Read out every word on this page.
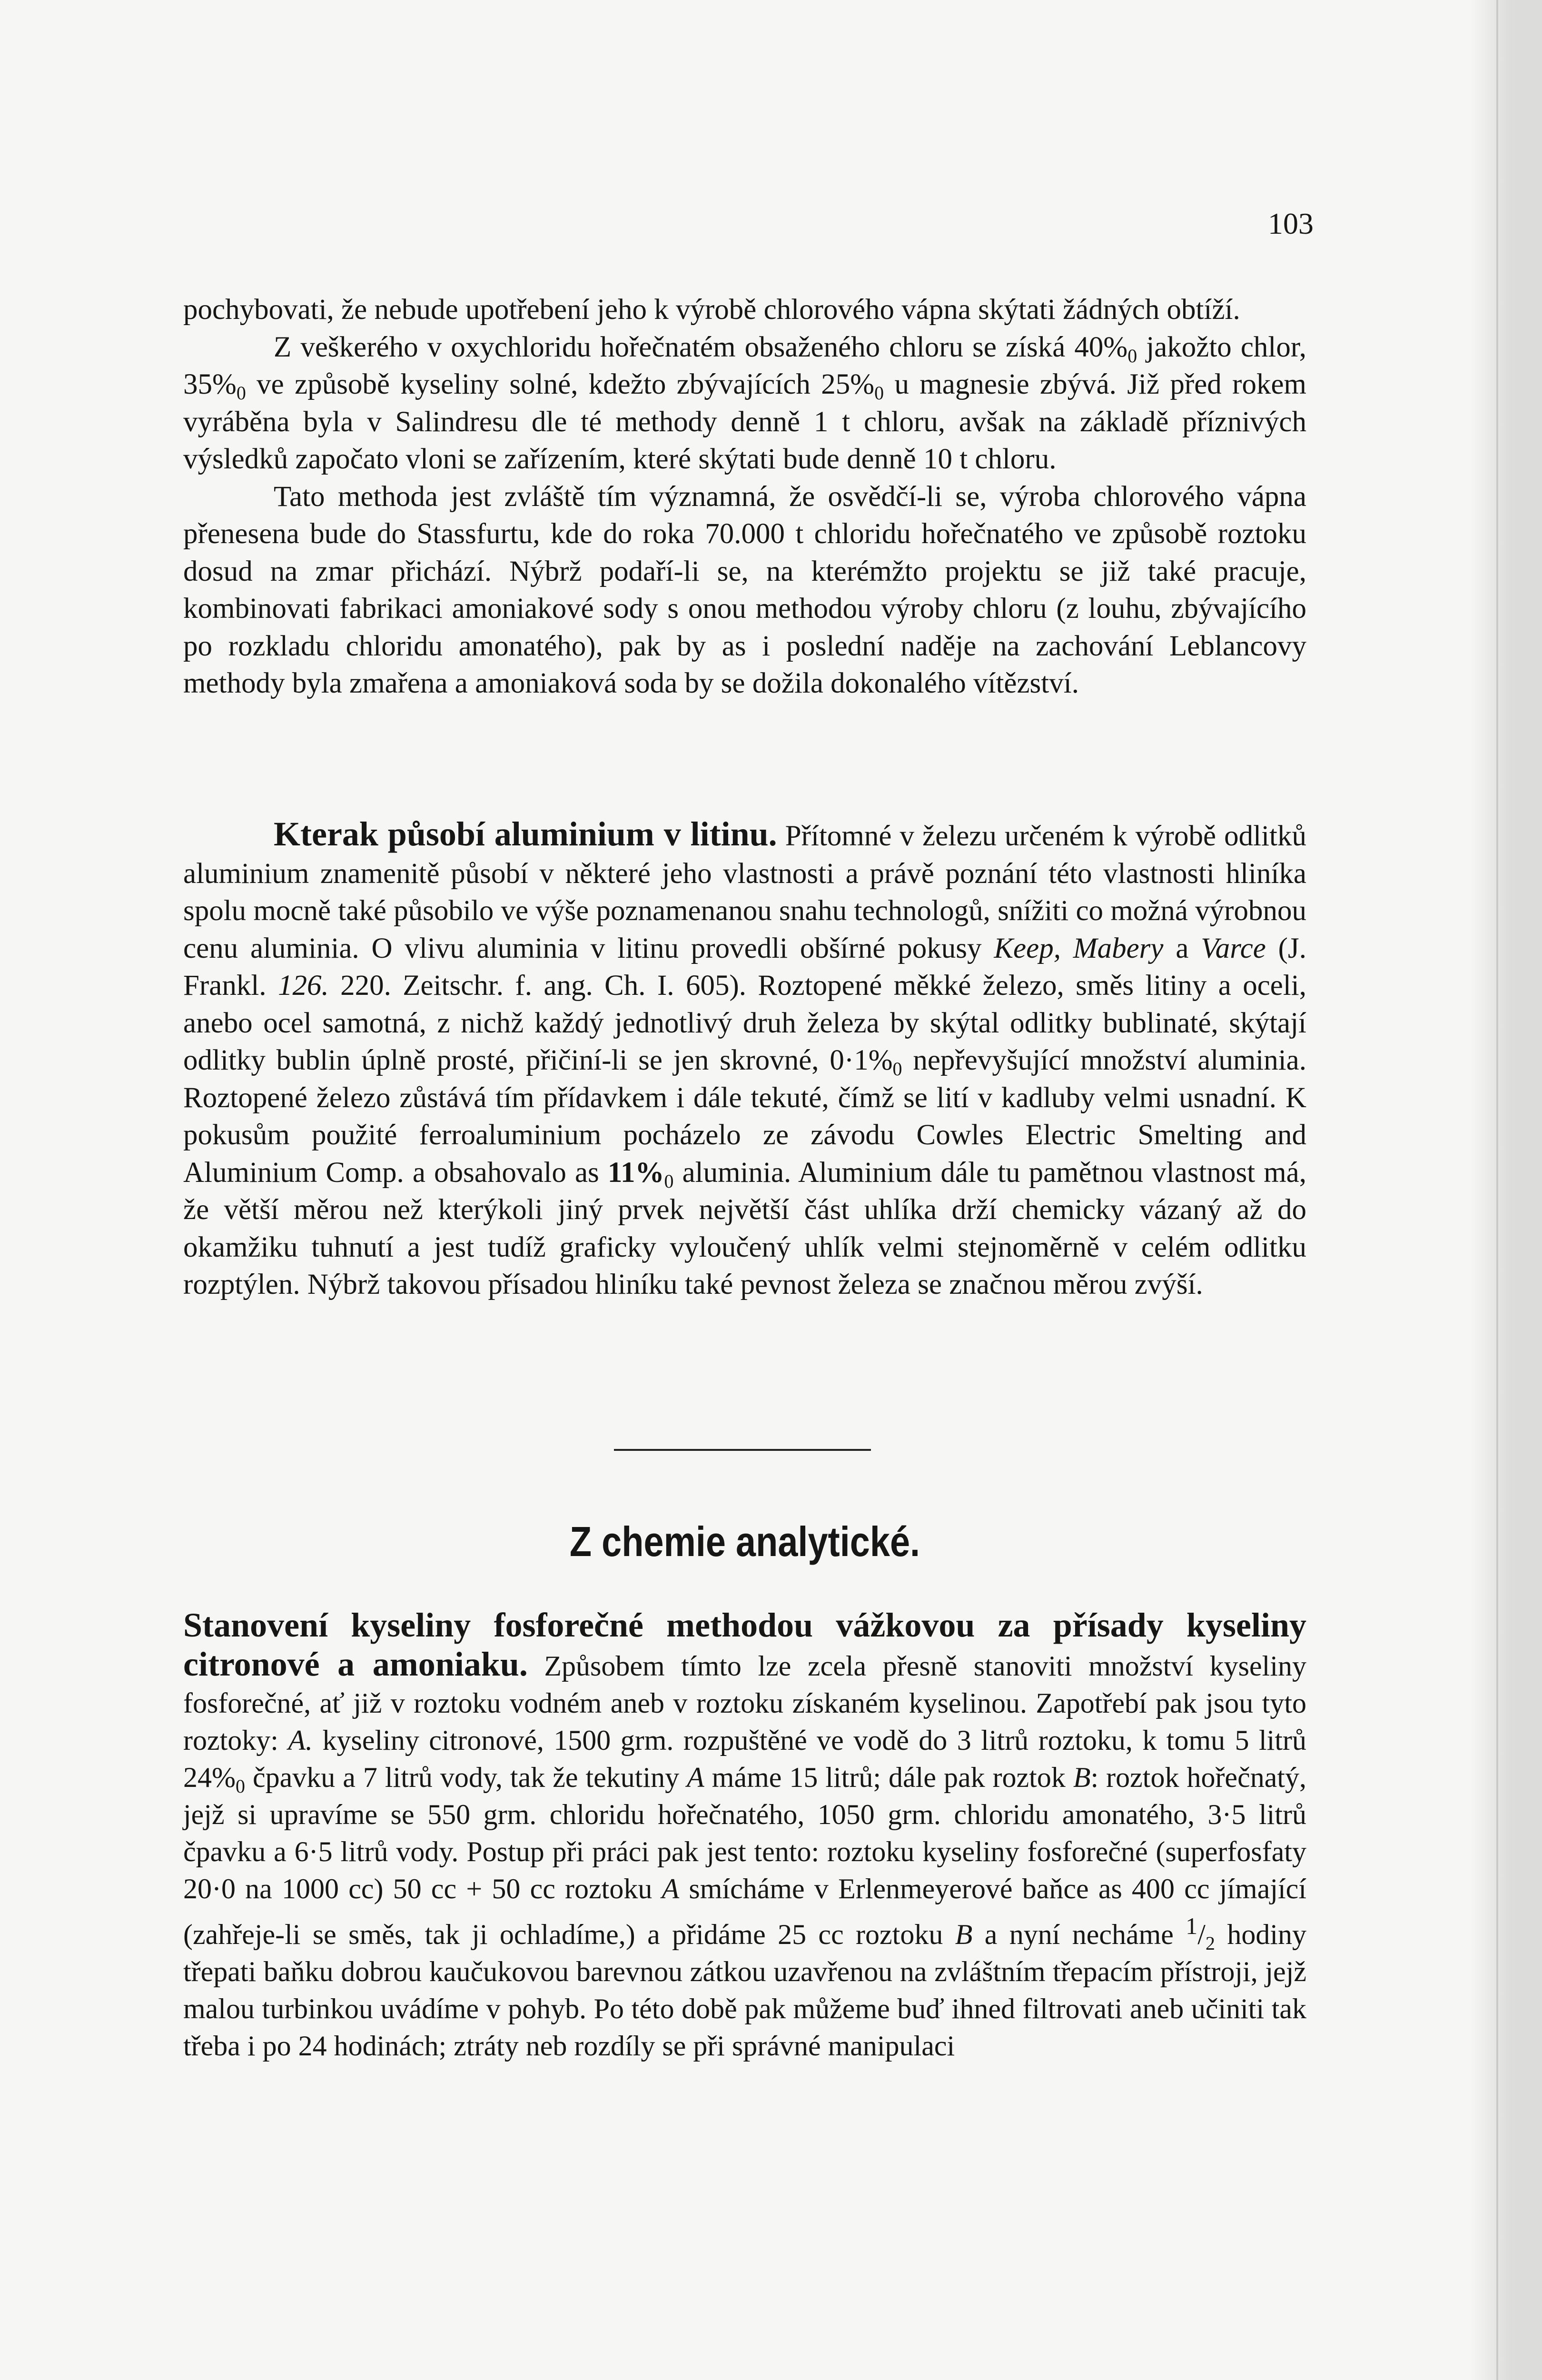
103

pochybovati, že nebude upotřebení jeho k výrobě chlorového vápna skýtati žádných obtíží.

Z veškerého v oxychloridu hořečnatém obsaženého chloru se získá 40%0 jakožto chlor, 35%0 ve způsobě kyseliny solné, kdežto zbývajících 25%0 u magnesie zbývá. Již před rokem vyráběna byla v Salindresu dle té methody denně 1 t chloru, avšak na základě příznivých výsledků započato vloni se zařízením, které skýtati bude denně 10 t chloru.

Tato methoda jest zvláště tím významná, že osvědčí-li se, výroba chlorového vápna přenesena bude do Stassfurtu, kde do roka 70.000 t chloridu hořečnatého ve způsobě roztoku dosud na zmar přichází. Nýbrž podaří-li se, na kterémžto projektu se již také pracuje, kombinovati fabrikaci amoniakové sody s onou methodou výroby chloru (z louhu, zbývajícího po rozkladu chloridu amonatého), pak by as i poslední naděje na zachování Leblancovy methody byla zmařena a amoniaková soda by se dožila dokonalého vítězství.

Kterak působí aluminium v litinu. Přítomné v železu určeném k výrobě odlitků aluminium znamenitě působí v některé jeho vlastnosti a právě poznání této vlastnosti hliníka spolu mocně také působilo ve výše poznamenanou snahu technologů, snížiti co možná výrobnou cenu aluminia. O vlivu aluminia v litinu provedli obšírné pokusy Keep, Mabery a Varce (J. Frankl. 126. 220. Zeitschr. f. ang. Ch. I. 605). Roztopené měkké železo, směs litiny a oceli, anebo ocel samotná, z nichž každý jednotlivý druh železa by skýtal odlitky bublinaté, skýtají odlitky bublin úplně prosté, přičiní-li se jen skrovné, 0·1%0 nepřevyšující množství aluminia. Roztopené železo zůstává tím přídavkem i dále tekuté, čímž se lití v kadluby velmi usnadní. K pokusům použité ferroaluminium pocházelo ze závodu Cowles Electric Smelting and Aluminium Comp. a obsahovalo as 11%0 aluminia. Aluminium dále tu pamětnou vlastnost má, že větší měrou než kterýkoli jiný prvek největší část uhlíka drží chemicky vázaný až do okamžiku tuhnutí a jest tudíž graficky vyloučený uhlík velmi stejnoměrně v celém odlitku rozptýlen. Nýbrž takovou přísadou hliníku také pevnost železa se značnou měrou zvýší.

Z chemie analytické.

Stanovení kyseliny fosforečné methodou vážkovou za přísady kyseliny citronové a amoniaku. Způsobem tímto lze zcela přesně stanoviti množství kyseliny fosforečné, ať již v roztoku vodném aneb v roztoku získaném kyselinou. Zapotřebí pak jsou tyto roztoky: A. kyseliny citronové, 1500 grm. rozpuštěné ve vodě do 3 litrů roztoku, k tomu 5 litrů $24\%_0$ čpavku a 7 litrů vody, tak že tekutiny A máme 15 litrů; dále pak roztok B: roztok hořečnatý, jejž si upravíme se 550 grm. chloridu hořečnatého, 1050 grm. chloridu amonatého, 3·5 litrů čpavku a 6·5 litrů vody. Postup při práci pak jest tento: roztoku kyseliny fosforečné (superfosfaty 20·0 na 1000 cc) 50 cc + 50 cc roztoku A smícháme v Erlenmeyerové baňce as 400 cc jímající (zahřeje-li se směs, tak ji ochladíme,) a přidáme 25 cc roztoku B a nyní necháme $^1/_2$ hodiny třepati baňku dobrou kaučukovou barevnou zátkou uzavřenou na zvláštním třepacím přístroji, jejž malou turbinkou uvádíme v pohyb. Po této době pak můžeme buď ihned filtrovati aneb učiniti tak třeba i po 24 hodinách; ztráty neb rozdíly se při správné manipulaci
